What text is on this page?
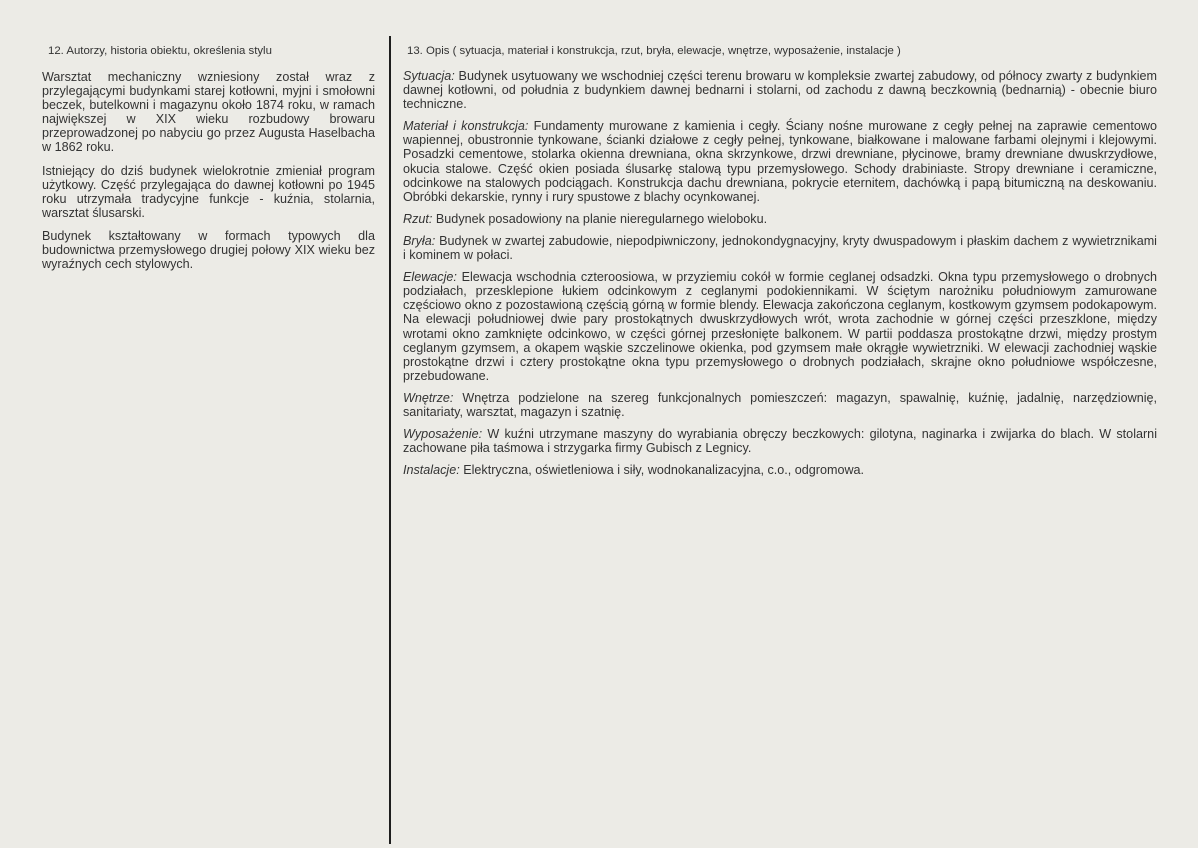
12. Autorzy, historia obiektu, określenia stylu

Warsztat mechaniczny wzniesiony został wraz z przylegającymi budynkami starej kotłowni, myjni i smołowni beczek, butelkowni i magazynu około 1874 roku, w ramach największej w XIX wieku rozbudowy browaru przeprowadzonej po nabyciu go przez Augusta Haselbacha w 1862 roku.

Istniejący do dziś budynek wielokrotnie zmieniał program użytkowy. Część przylegająca do dawnej kotłowni po 1945 roku utrzymała tradycyjne funkcje - kuźnia, stolarnia, warsztat ślusarski.

Budynek kształtowany w formach typowych dla budownictwa przemysłowego drugiej połowy XIX wieku bez wyraźnych cech stylowych.

13. Opis ( sytuacja, materiał i konstrukcja, rzut, bryła, elewacje, wnętrze, wyposażenie, instalacje )

Sytuacja: Budynek usytuowany we wschodniej części terenu browaru w kompleksie zwartej zabudowy, od północy zwarty z budynkiem dawnej kotłowni, od południa z budynkiem dawnej bednarni i stolarni, od zachodu z dawną beczkownią (bednarnią) - obecnie biuro techniczne.

Materiał i konstrukcja: Fundamenty murowane z kamienia i cegły. Ściany nośne murowane z cegły pełnej na zaprawie cementowo wapiennej, obustronnie tynkowane, ścianki działowe z cegły pełnej, tynkowane, białkowane i malowane farbami olejnymi i klejowymi. Posadzki cementowe, stolarka okienna drewniana, okna skrzynkowe, drzwi drewniane, płycinowe, bramy drewniane dwuskrzydłowe, okucia stalowe. Część okien posiada ślusarkę stalową typu przemysłowego. Schody drabiniaste. Stropy drewniane i ceramiczne, odcinkowe na stalowych podciągach. Konstrukcja dachu drewniana, pokrycie eternitem, dachówką i papą bitumiczną na deskowaniu. Obróbki dekarskie, rynny i rury spustowe z blachy ocynkowanej.

Rzut: Budynek posadowiony na planie nieregularnego wieloboku.

Bryła: Budynek w zwartej zabudowie, niepodpiwniczony, jednokondygnacyjny, kryty dwuspadowym i płaskim dachem z wywietrznikami i kominem w połaci.

Elewacje: Elewacja wschodnia czteroosiowa, w przyziemiu cokół w formie ceglanej odsadzki. Okna typu przemysłowego o drobnych podziałach, przesklepione łukiem odcinkowym z ceglanymi podokiennikami. W ściętym narożniku południowym zamurowane częściowo okno z pozostawioną częścią górną w formie blendy. Elewacja zakończona ceglanym, kostkowym gzymsem podokapowym. Na elewacji południowej dwie pary prostokątnych dwuskrzydłowych wrót, wrota zachodnie w górnej części przeszklone, między wrotami okno zamknięte odcinkowo, w części górnej przesłonięte balkonem. W partii poddasza prostokątne drzwi, między prostym ceglanym gzymsem, a okapem wąskie szczelinowe okienka, pod gzymsem małe okrągłe wywietrzniki. W elewacji zachodniej wąskie prostokątne drzwi i cztery prostokątne okna typu przemysłowego o drobnych podziałach, skrajne okno południowe współczesne, przebudowane.

Wnętrze: Wnętrza podzielone na szereg funkcjonalnych pomieszczeń: magazyn, spawalnię, kuźnię, jadalnię, narzędziownię, sanitariaty, warsztat, magazyn i szatnię.

Wyposażenie: W kuźni utrzymane maszyny do wyrabiania obręczy beczkowych: gilotyna, naginarka i zwijarka do blach. W stolarni zachowane piła taśmowa i strzygarka firmy Gubisch z Legnicy.

Instalacje: Elektryczna, oświetleniowa i siły, wodnokanalizacyjna, c.o., odgromowa.
